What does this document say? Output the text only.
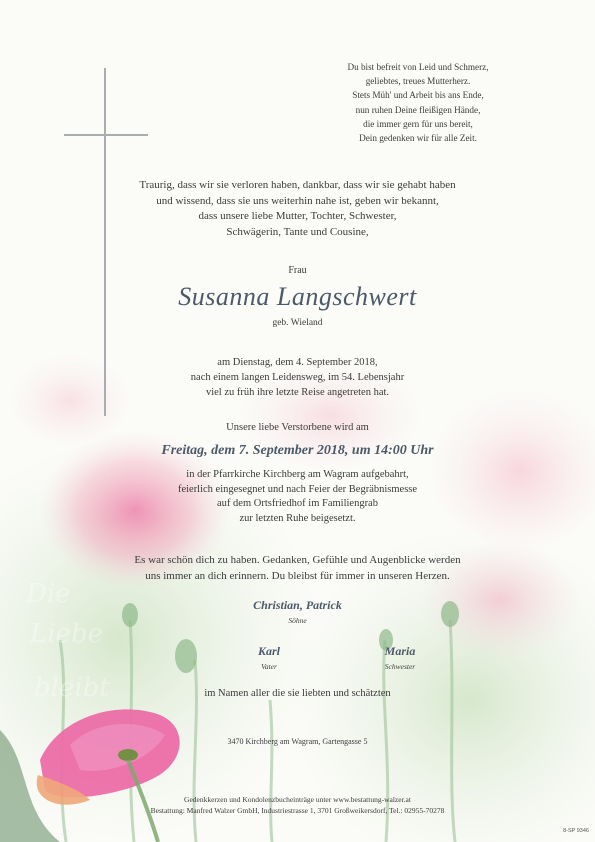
Die
Liebe
bleibt
Du bist befreit von Leid und Schmerz,
geliebtes, treues Mutterherz.
Stets Müh' und Arbeit bis ans Ende,
nun ruhen Deine fleißigen Hände,
die immer gern für uns bereit,
Dein gedenken wir für alle Zeit.
Traurig, dass wir sie verloren haben, dankbar, dass wir sie gehabt haben
und wissend, dass sie uns weiterhin nahe ist, geben wir bekannt,
dass unsere liebe Mutter, Tochter, Schwester,
Schwägerin, Tante und Cousine,
Frau
Susanna Langschwert
geb. Wieland
am Dienstag, dem 4. September 2018,
nach einem langen Leidensweg, im 54. Lebensjahr
viel zu früh ihre letzte Reise angetreten hat.
Unsere liebe Verstorbene wird am
Freitag, dem 7. September 2018, um 14:00 Uhr
in der Pfarrkirche Kirchberg am Wagram aufgebahrt,
feierlich eingesegnet und nach Feier der Begräbnismesse
auf dem Ortsfriedhof im Familiengrab
zur letzten Ruhe beigesetzt.
Es war schön dich zu haben. Gedanken, Gefühle und Augenblicke werden
uns immer an dich erinnern. Du bleibst für immer in unseren Herzen.
Christian, Patrick
Söhne
Karl
Vater
Maria
Schwester
im Namen aller die sie liebten und schätzten
3470 Kirchberg am Wagram, Gartengasse 5
Gedenkkerzen und Kondolenzbucheinträge unter www.bestattung-walzer.at
Bestattung: Manfred Walzer GmbH, Industriestrasse 1, 3701 Großweikersdorf, Tel.: 02955-70278
8-SP 9346
